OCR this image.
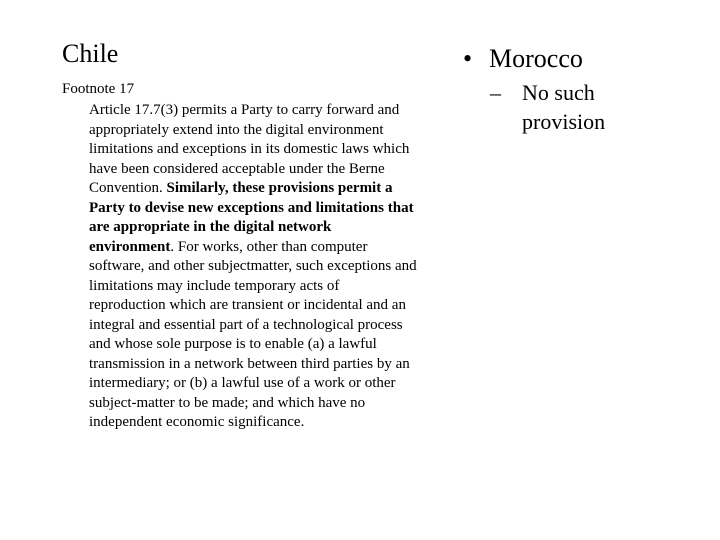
Chile

Footnote 17

Article 17.7(3) permits a Party to carry forward and appropriately extend into the digital environment limitations and exceptions in its domestic laws which have been considered acceptable under the Berne Convention. Similarly, these provisions permit a Party to devise new exceptions and limitations that are appropriate in the digital network environment. For works, other than computer software, and other subjectmatter, such exceptions and limitations may include temporary acts of reproduction which are transient or incidental and an integral and essential part of a technological process and whose sole purpose is to enable (a) a lawful transmission in a network between third parties by an intermediary; or (b) a lawful use of a work or other subject-matter to be made; and which have no independent economic significance.

• Morocco
– No such provision
